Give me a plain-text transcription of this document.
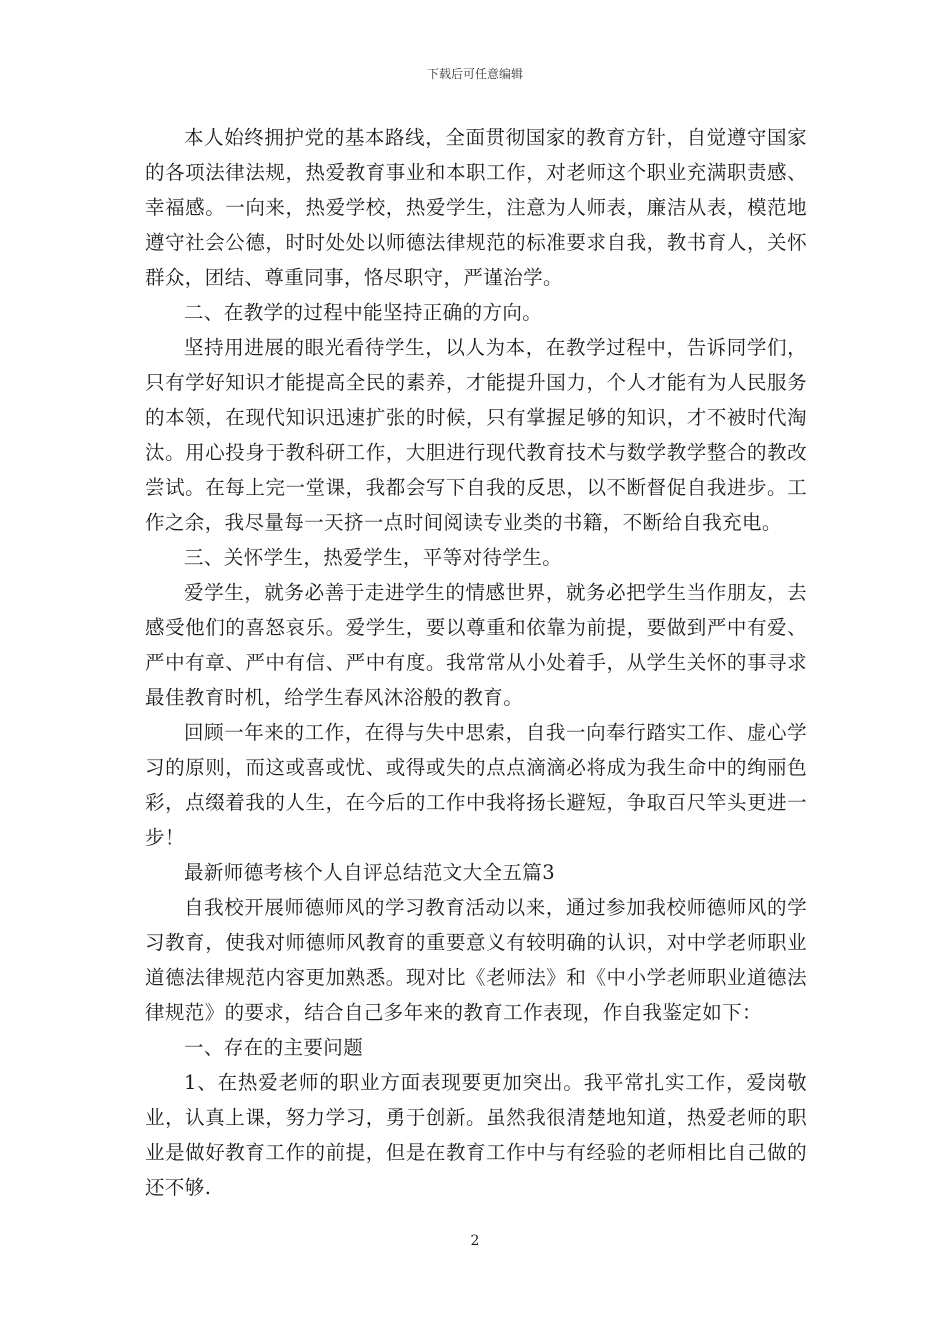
下载后可任意编辑

本人始终拥护党的基本路线，全面贯彻国家的教育方针，自觉遵守国家的各项法律法规，热爱教育事业和本职工作，对老师这个职业充满职责感、幸福感。一向来，热爱学校，热爱学生，注意为人师表，廉洁从表，模范地遵守社会公德，时时处处以师德法律规范的标准要求自我，教书育人，关怀群众，团结、尊重同事，恪尽职守，严谨治学。

二、在教学的过程中能坚持正确的方向。

坚持用进展的眼光看待学生，以人为本，在教学过程中，告诉同学们，只有学好知识才能提高全民的素养，才能提升国力，个人才能有为人民服务的本领，在现代知识迅速扩张的时候，只有掌握足够的知识，才不被时代淘汰。用心投身于教科研工作，大胆进行现代教育技术与数学教学整合的教改尝试。在每上完一堂课，我都会写下自我的反思，以不断督促自我进步。工作之余，我尽量每一天挤一点时间阅读专业类的书籍，不断给自我充电。

三、关怀学生，热爱学生，平等对待学生。

爱学生，就务必善于走进学生的情感世界，就务必把学生当作朋友，去感受他们的喜怒哀乐。爱学生，要以尊重和依靠为前提，要做到严中有爱、严中有章、严中有信、严中有度。我常常从小处着手，从学生关怀的事寻求最佳教育时机，给学生春风沐浴般的教育。

回顾一年来的工作，在得与失中思索，自我一向奉行踏实工作、虚心学习的原则，而这或喜或忧、或得或失的点点滴滴必将成为我生命中的绚丽色彩，点缀着我的人生，在今后的工作中我将扬长避短，争取百尺竿头更进一步！

最新师德考核个人自评总结范文大全五篇3

自我校开展师德师风的学习教育活动以来，通过参加我校师德师风的学习教育，使我对师德师风教育的重要意义有较明确的认识，对中学老师职业道德法律规范内容更加熟悉。现对比《老师法》和《中小学老师职业道德法律规范》的要求，结合自己多年来的教育工作表现，作自我鉴定如下：

一、存在的主要问题

1、在热爱老师的职业方面表现要更加突出。我平常扎实工作，爱岗敬业，认真上课，努力学习，勇于创新。虽然我很清楚地知道，热爱老师的职业是做好教育工作的前提，但是在教育工作中与有经验的老师相比自己做的还不够.

2
